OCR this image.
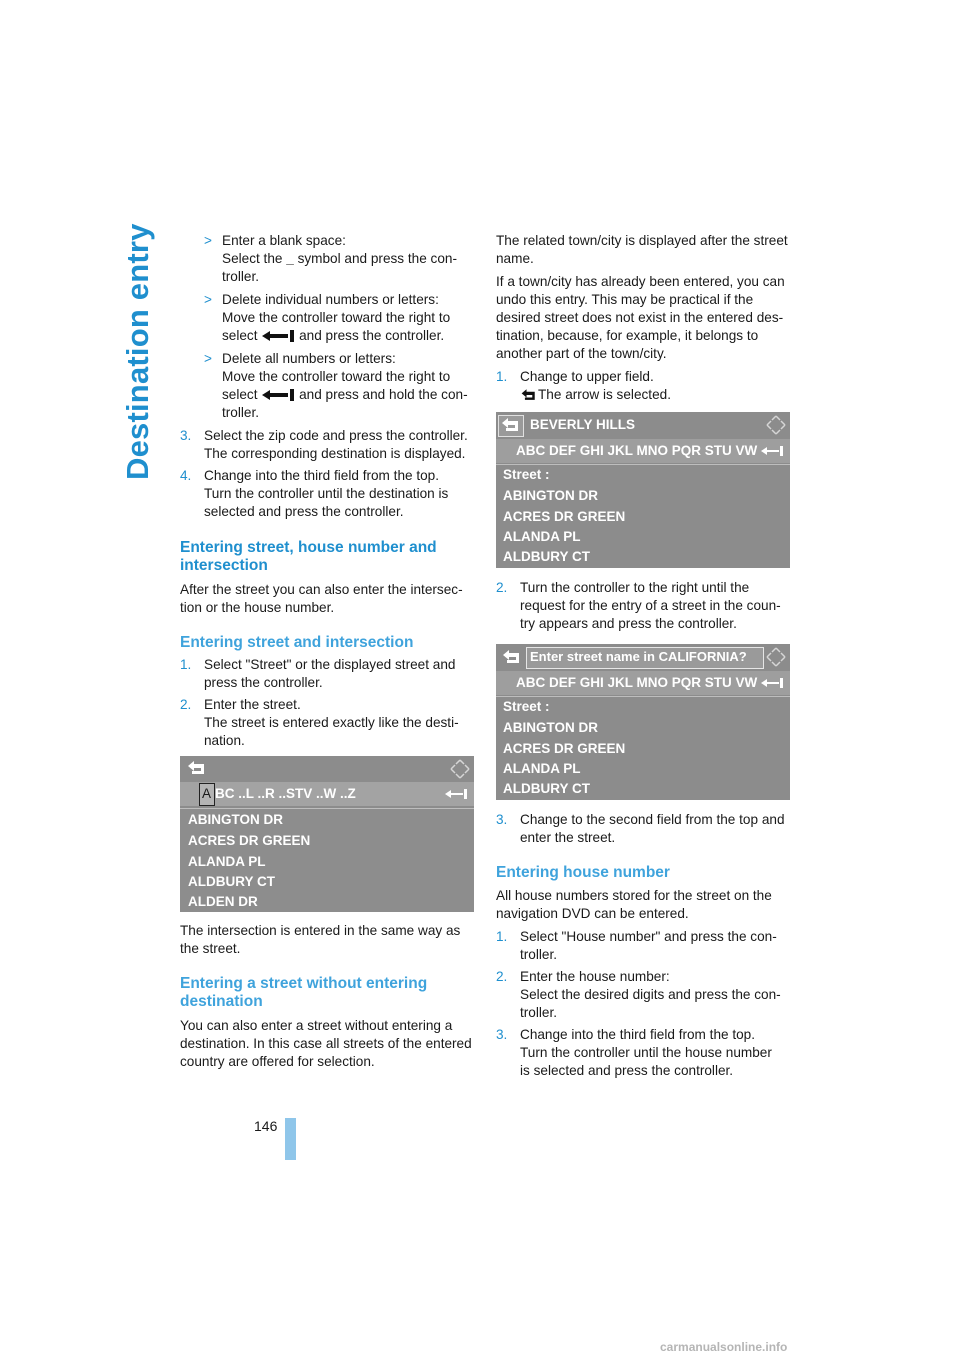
Destination entry	> Enter a blank space:

Select the _ symbol and press the con-

troller.

> Delete individual numbers or letters:

Move the controller toward the right to

select	and press the controller.

> Delete all numbers or letters:

Move the controller toward the right to

select	and press and hold the con-

troller.

3. Select the zip code and press the controller.

The corresponding destination is displayed.

4. Change into the third field from the top.

Turn the controller until the destination is

selected and press the controller.

Entering street, house number and intersection

After the street you can also enter the intersec-tion or the house number.

Entering street and intersection
1. Select "Street" or the displayed street and

press the controller.

2. Enter the street.

The street is entered exactly like the desti-

nation.

A BC ..L ..R ..STV ..W ..Z
ABINGTON DR
ACRES DR GREEN
ALANDA PL
ALDBURY CT
ALDEN DR

The intersection is entered in the same way as the street.

Entering a street without entering destination

You can also enter a street without entering a destination. In this case all streets of the entered country are offered for selection.

The related town/city is displayed after the street name.

If a town/city has already been entered, you can undo this entry. This may be practical if the desired street does not exist in the entered des-tination, because, for example, it belongs to another part of the town/city.

1. Change to upper field.

The arrow is selected.

BEVERLY HILLS
ABC DEF GHI JKL MNO PQR STU VW
Street :
ABINGTON DR
ACRES DR GREEN
ALANDA PL
ALDBURY CT
2. Turn the controller to the right until the

request for the entry of a street in the coun-

try appears and press the controller.

Enter street name in CALIFORNIA?
ABC DEF GHI JKL MNO PQR STU VW
Street :
ABINGTON DR
ACRES DR GREEN
ALANDA PL
ALDBURY CT
3. Change to the second field from the top and

enter the street.

Entering house number

All house numbers stored for the street on the navigation DVD can be entered.

1. Select "House number" and press the con-

troller.

2. Enter the house number:

Select the desired digits and press the con-

troller.

3. Change into the third field from the top.

Turn the controller until the house number

is selected and press the controller.

146
carmanualsonline.info
